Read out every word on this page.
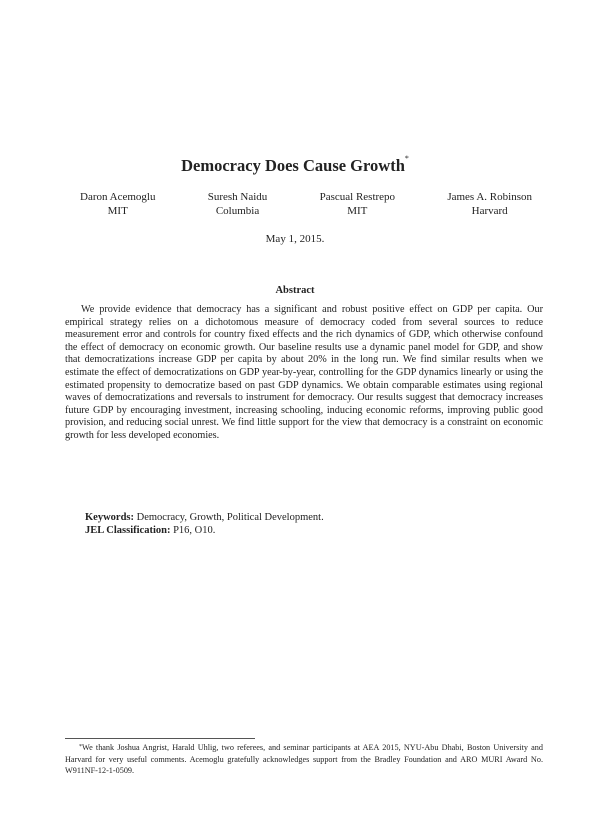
Democracy Does Cause Growth*
Daron Acemoglu
MIT
Suresh Naidu
Columbia
Pascual Restrepo
MIT
James A. Robinson
Harvard
May 1, 2015.
Abstract

We provide evidence that democracy has a significant and robust positive effect on GDP per capita. Our empirical strategy relies on a dichotomous measure of democracy coded from several sources to reduce measurement error and controls for country fixed effects and the rich dynamics of GDP, which otherwise confound the effect of democracy on economic growth. Our baseline results use a dynamic panel model for GDP, and show that democratizations increase GDP per capita by about 20% in the long run. We find similar results when we estimate the effect of democratizations on GDP year-by-year, controlling for the GDP dynamics linearly or using the estimated propensity to democratize based on past GDP dynamics. We obtain comparable estimates using regional waves of democratizations and reversals to instrument for democracy. Our results suggest that democracy increases future GDP by encouraging investment, increasing schooling, inducing economic reforms, improving public good provision, and reducing social unrest. We find little support for the view that democracy is a constraint on economic growth for less developed economies.

Keywords: Democracy, Growth, Political Development.
JEL Classification: P16, O10.

*We thank Joshua Angrist, Harald Uhlig, two referees, and seminar participants at AEA 2015, NYU-Abu Dhabi, Boston University and Harvard for very useful comments. Acemoglu gratefully acknowledges support from the Bradley Foundation and ARO MURI Award No. W911NF-12-1-0509.
